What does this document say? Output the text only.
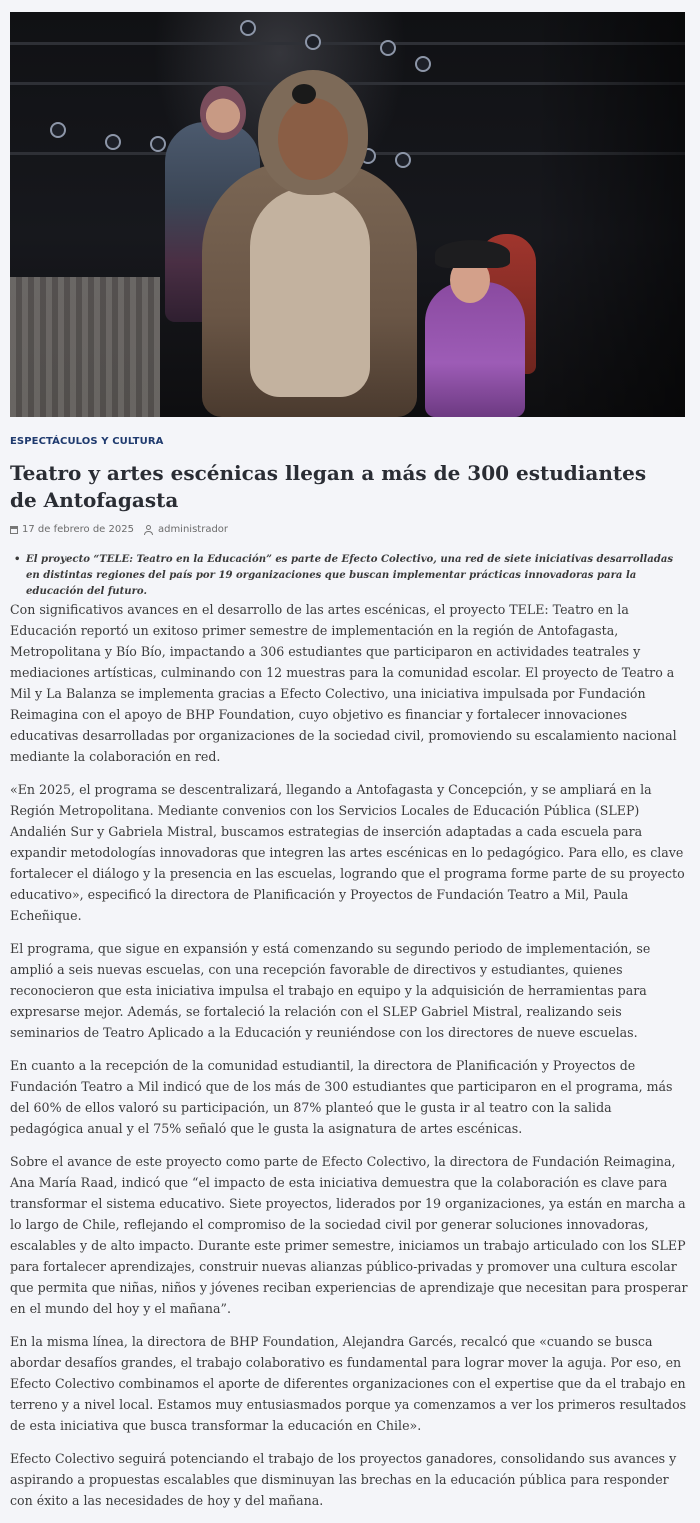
ESPECTÁCULOS Y CULTURA
Teatro y artes escénicas llegan a más de 300 estudiantes de Antofagasta
17 de febrero de 2025 administrador
• El proyecto “TELE: Teatro en la Educación” es parte de Efecto Colectivo, una red de siete iniciativas desarrolladas en distintas regiones del país por 19 organizaciones que buscan implementar prácticas innovadoras para la educación del futuro.

Con significativos avances en el desarrollo de las artes escénicas, el proyecto TELE: Teatro en la Educación reportó un exitoso primer semestre de implementación en la región de Antofagasta, Metropolitana y Bío Bío, impactando a 306 estudiantes que participaron en actividades teatrales y mediaciones artísticas, culminando con 12 muestras para la comunidad escolar. El proyecto de Teatro a Mil y La Balanza se implementa gracias a Efecto Colectivo, una iniciativa impulsada por Fundación Reimagina con el apoyo de BHP Foundation, cuyo objetivo es financiar y fortalecer innovaciones educativas desarrolladas por organizaciones de la sociedad civil, promoviendo su escalamiento nacional mediante la colaboración en red.

«En 2025, el programa se descentralizará, llegando a Antofagasta y Concepción, y se ampliará en la Región Metropolitana. Mediante convenios con los Servicios Locales de Educación Pública (SLEP) Andalién Sur y Gabriela Mistral, buscamos estrategias de inserción adaptadas a cada escuela para expandir metodologías innovadoras que integren las artes escénicas en lo pedagógico. Para ello, es clave fortalecer el diálogo y la presencia en las escuelas, logrando que el programa forme parte de su proyecto educativo», especificó la directora de Planificación y Proyectos de Fundación Teatro a Mil, Paula Echeñique.

El programa, que sigue en expansión y está comenzando su segundo periodo de implementación, se amplió a seis nuevas escuelas, con una recepción favorable de directivos y estudiantes, quienes reconocieron que esta iniciativa impulsa el trabajo en equipo y la adquisición de herramientas para expresarse mejor. Además, se fortaleció la relación con el SLEP Gabriel Mistral, realizando seis seminarios de Teatro Aplicado a la Educación y reuniéndose con los directores de nueve escuelas.

En cuanto a la recepción de la comunidad estudiantil, la directora de Planificación y Proyectos de Fundación Teatro a Mil indicó que de los más de 300 estudiantes que participaron en el programa, más del 60% de ellos valoró su participación, un 87% planteó que le gusta ir al teatro con la salida pedagógica anual y el 75% señaló que le gusta la asignatura de artes escénicas.

Sobre el avance de este proyecto como parte de Efecto Colectivo, la directora de Fundación Reimagina, Ana María Raad, indicó que “el impacto de esta iniciativa demuestra que la colaboración es clave para transformar el sistema educativo. Siete proyectos, liderados por 19 organizaciones, ya están en marcha a lo largo de Chile, reflejando el compromiso de la sociedad civil por generar soluciones innovadoras, escalables y de alto impacto. Durante este primer semestre, iniciamos un trabajo articulado con los SLEP para fortalecer aprendizajes, construir nuevas alianzas público-privadas y promover una cultura escolar que permita que niñas, niños y jóvenes reciban experiencias de aprendizaje que necesitan para prosperar en el mundo del hoy y el mañana”.

En la misma línea, la directora de BHP Foundation, Alejandra Garcés, recalcó que «cuando se busca abordar desafíos grandes, el trabajo colaborativo es fundamental para lograr mover la aguja. Por eso, en Efecto Colectivo combinamos el aporte de diferentes organizaciones con el expertise que da el trabajo en terreno y a nivel local. Estamos muy entusiasmados porque ya comenzamos a ver los primeros resultados de esta iniciativa que busca transformar la educación en Chile».

Efecto Colectivo seguirá potenciando el trabajo de los proyectos ganadores, consolidando sus avances y aspirando a propuestas escalables que disminuyan las brechas en la educación pública para responder con éxito a las necesidades de hoy y del mañana.
